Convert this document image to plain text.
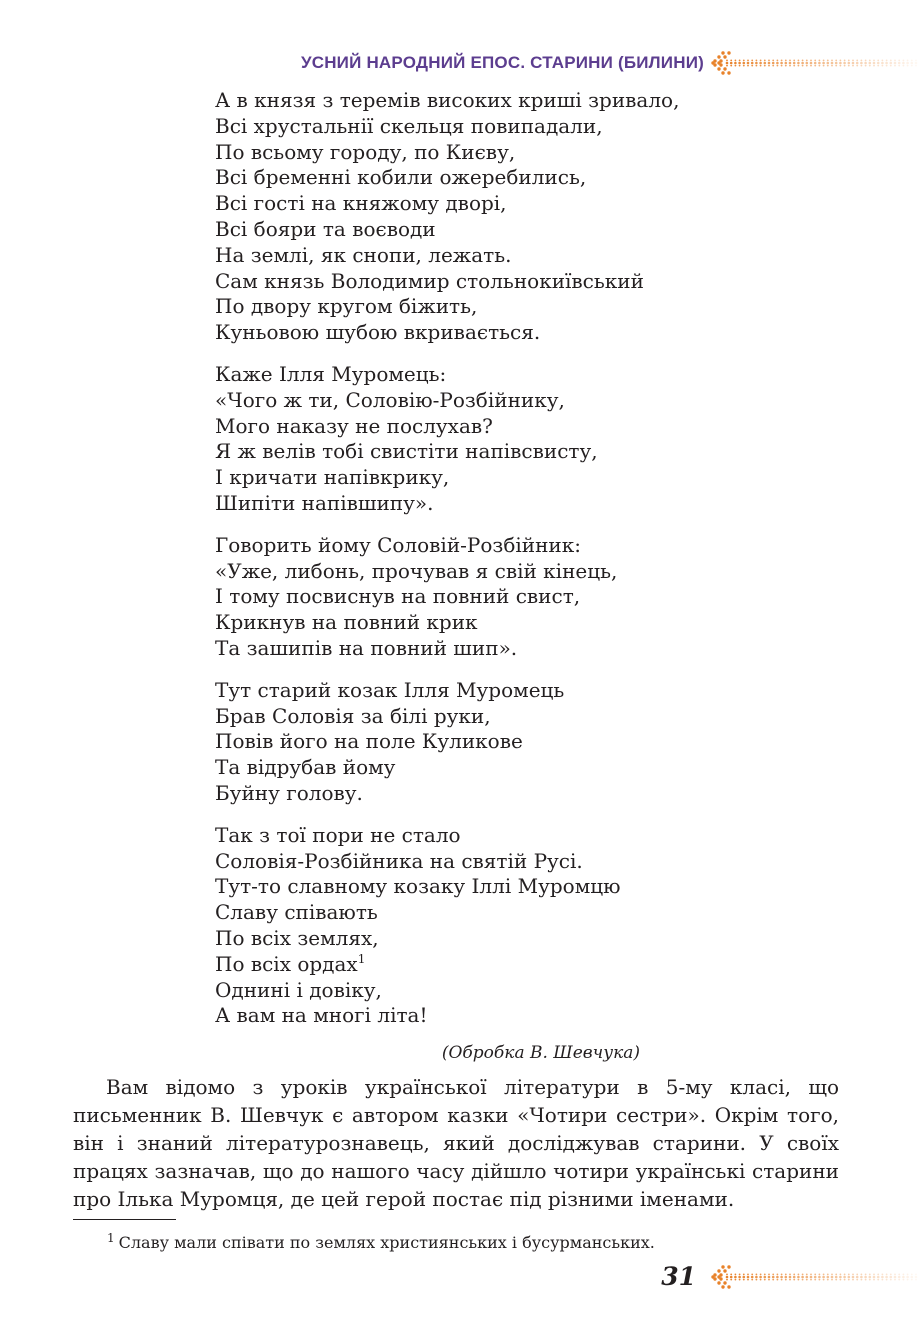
УСНИЙ НАРОДНИЙ ЕПОС. СТАРИНИ (БИЛИНИ)
А в князя з теремів високих криші зривало,
Всі хрустальнії скельця повипадали,
По всьому городу, по Києву,
Всі бременні кобили ожеребились,
Всі гості на княжому дворі,
Всі бояри та воєводи
На землі, як снопи, лежать.
Сам князь Володимир стольнокиївський
По двору кругом біжить,
Куньовою шубою вкривається.
Каже Ілля Муромець:
«Чого ж ти, Соловію-Розбійнику,
Мого наказу не послухав?
Я ж велів тобі свистіти напівсвисту,
І кричати напівкрику,
Шипіти напівшипу».
Говорить йому Соловій-Розбійник:
«Уже, либонь, прочував я свій кінець,
І тому посвиснув на повний свист,
Крикнув на повний крик
Та зашипів на повний шип».
Тут старий козак Ілля Муромець
Брав Соловія за білі руки,
Повів його на поле Куликове
Та відрубав йому
Буйну голову.
Так з тої пори не стало
Соловія-Розбійника на святій Русі.
Тут-то славному козаку Іллі Муромцю
Славу співають
По всіх землях,
По всіх ордах$^1$
Однині і довіку,
А вам на многі літа!
(Обробка В. Шевчука)

Вам відомо з уроків української літератури в 5-му класі, що письменник В. Шевчук є автором казки «Чотири сестри». Окрім того, він і знаний літературознавець, який досліджував старини. У своїх працях зазначав, що до нашого часу дійшло чотири українські старини про Ілька Муромця, де цей герой постає під різними іменами.

$^1$ Славу мали співати по землях християнських і бусурманських.
31
